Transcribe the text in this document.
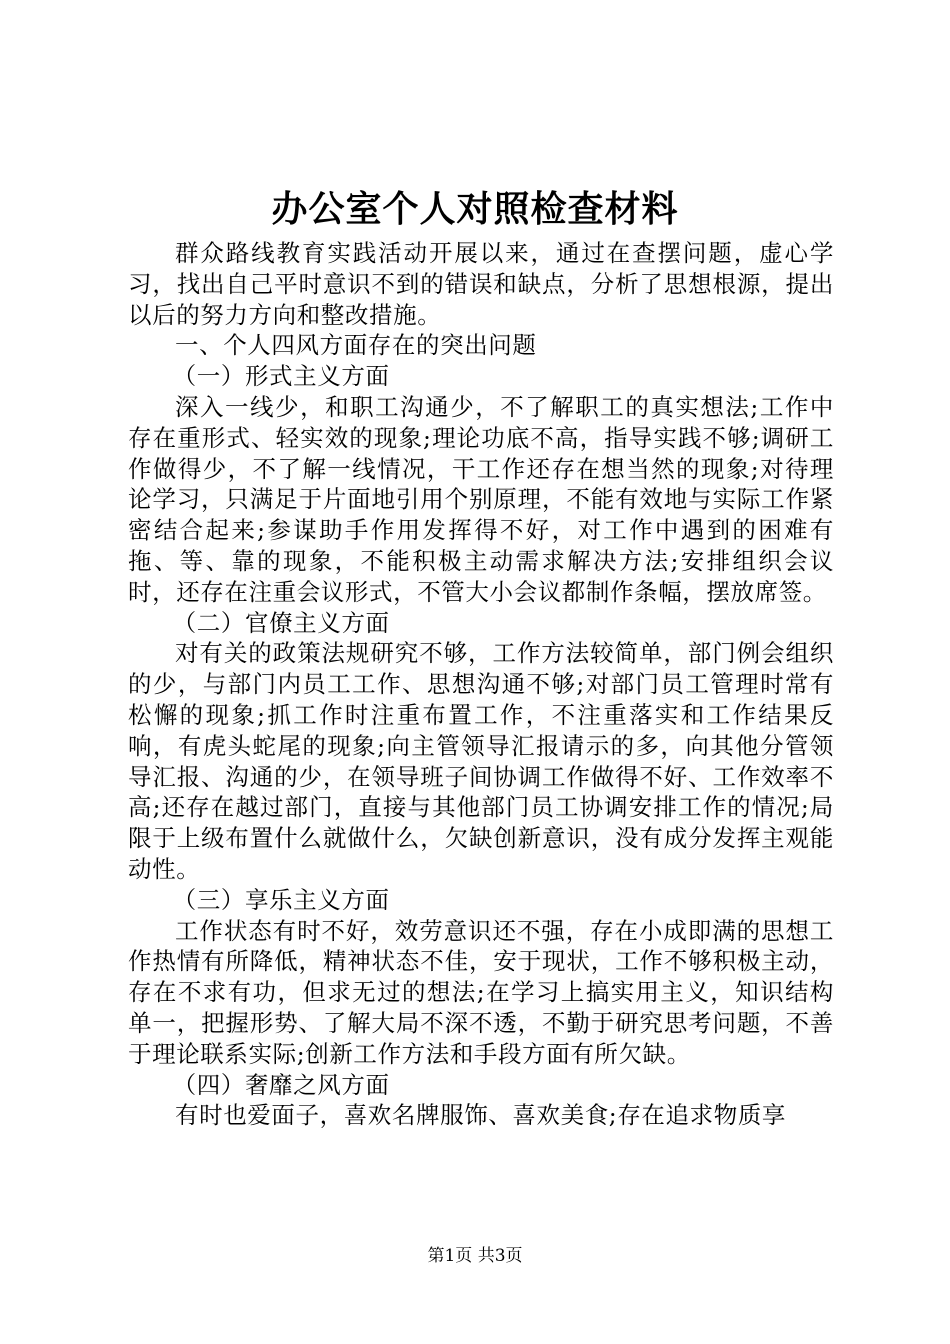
办公室个人对照检查材料

群众路线教育实践活动开展以来，通过在查摆问题，虚心学习，找出自己平时意识不到的错误和缺点，分析了思想根源，提出以后的努力方向和整改措施。

一、个人四风方面存在的突出问题

（一）形式主义方面

深入一线少，和职工沟通少，不了解职工的真实想法;工作中存在重形式、轻实效的现象;理论功底不高，指导实践不够;调研工作做得少，不了解一线情况，干工作还存在想当然的现象;对待理论学习，只满足于片面地引用个别原理，不能有效地与实际工作紧密结合起来;参谋助手作用发挥得不好，对工作中遇到的困难有拖、等、靠的现象，不能积极主动需求解决方法;安排组织会议时，还存在注重会议形式，不管大小会议都制作条幅，摆放席签。

（二）官僚主义方面

对有关的政策法规研究不够，工作方法较简单，部门例会组织的少，与部门内员工工作、思想沟通不够;对部门员工管理时常有松懈的现象;抓工作时注重布置工作，不注重落实和工作结果反响，有虎头蛇尾的现象;向主管领导汇报请示的多，向其他分管领导汇报、沟通的少，在领导班子间协调工作做得不好、工作效率不高;还存在越过部门，直接与其他部门员工协调安排工作的情况;局限于上级布置什么就做什么，欠缺创新意识，没有成分发挥主观能动性。

（三）享乐主义方面

工作状态有时不好，效劳意识还不强，存在小成即满的思想工作热情有所降低，精神状态不佳，安于现状，工作不够积极主动，存在不求有功，但求无过的想法;在学习上搞实用主义，知识结构单一，把握形势、了解大局不深不透，不勤于研究思考问题，不善于理论联系实际;创新工作方法和手段方面有所欠缺。

（四）奢靡之风方面

有时也爱面子，喜欢名牌服饰、喜欢美食;存在追求物质享

第1页 共3页
